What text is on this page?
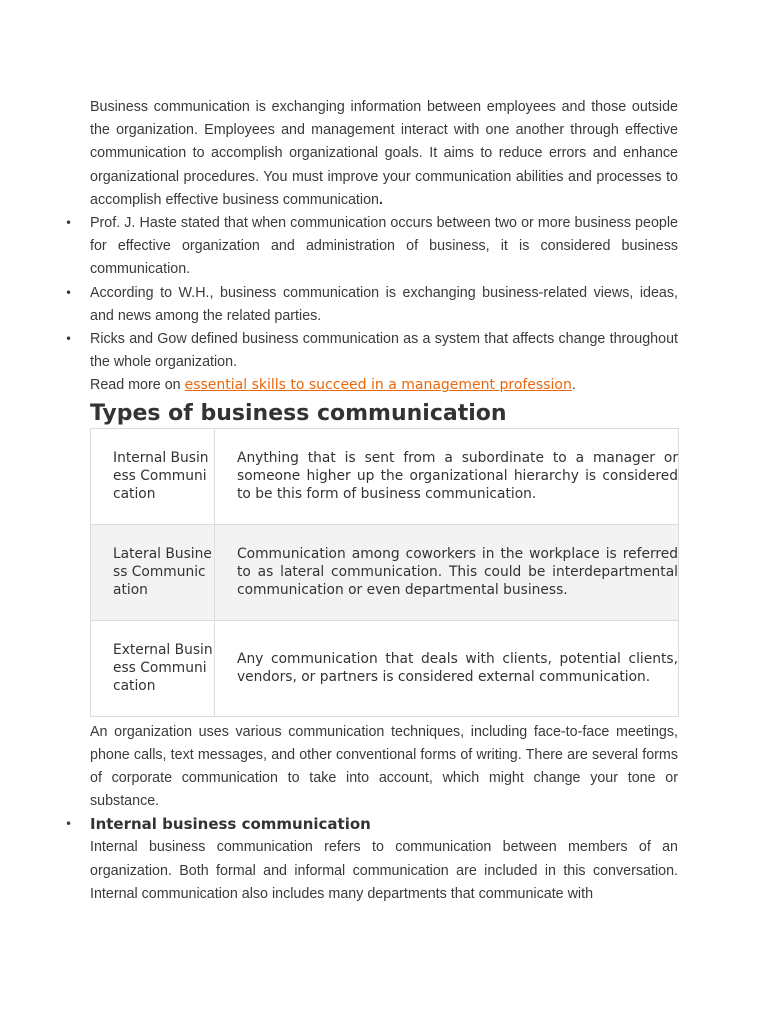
Business communication is exchanging information between employees and those outside the organization. Employees and management interact with one another through effective communication to accomplish organizational goals. It aims to reduce errors and enhance organizational procedures. You must improve your communication abilities and processes to accomplish effective business communication.

• Prof. J. Haste stated that when communication occurs between two or more business people for effective organization and administration of business, it is considered business communication.

• According to W.H., business communication is exchanging business-related views, ideas, and news among the related parties.

• Ricks and Gow defined business communication as a system that affects change throughout the whole organization.

Read more on essential skills to succeed in a management profession.

Types of business communication
Internal Business Communication	Anything that is sent from a subordinate to a manager or someone higher up the organizational hierarchy is considered to be this form of business communication.
Lateral Business Communication	Communication among coworkers in the workplace is referred to as lateral communication. This could be interdepartmental communication or even departmental business.
External Business Communication	Any communication that deals with clients, potential clients, vendors, or partners is considered external communication.

An organization uses various communication techniques, including face-to-face meetings, phone calls, text messages, and other conventional forms of writing. There are several forms of corporate communication to take into account, which might change your tone or substance.

• Internal business communication

Internal business communication refers to communication between members of an organization. Both formal and informal communication are included in this conversation. Internal communication also includes many departments that communicate with
